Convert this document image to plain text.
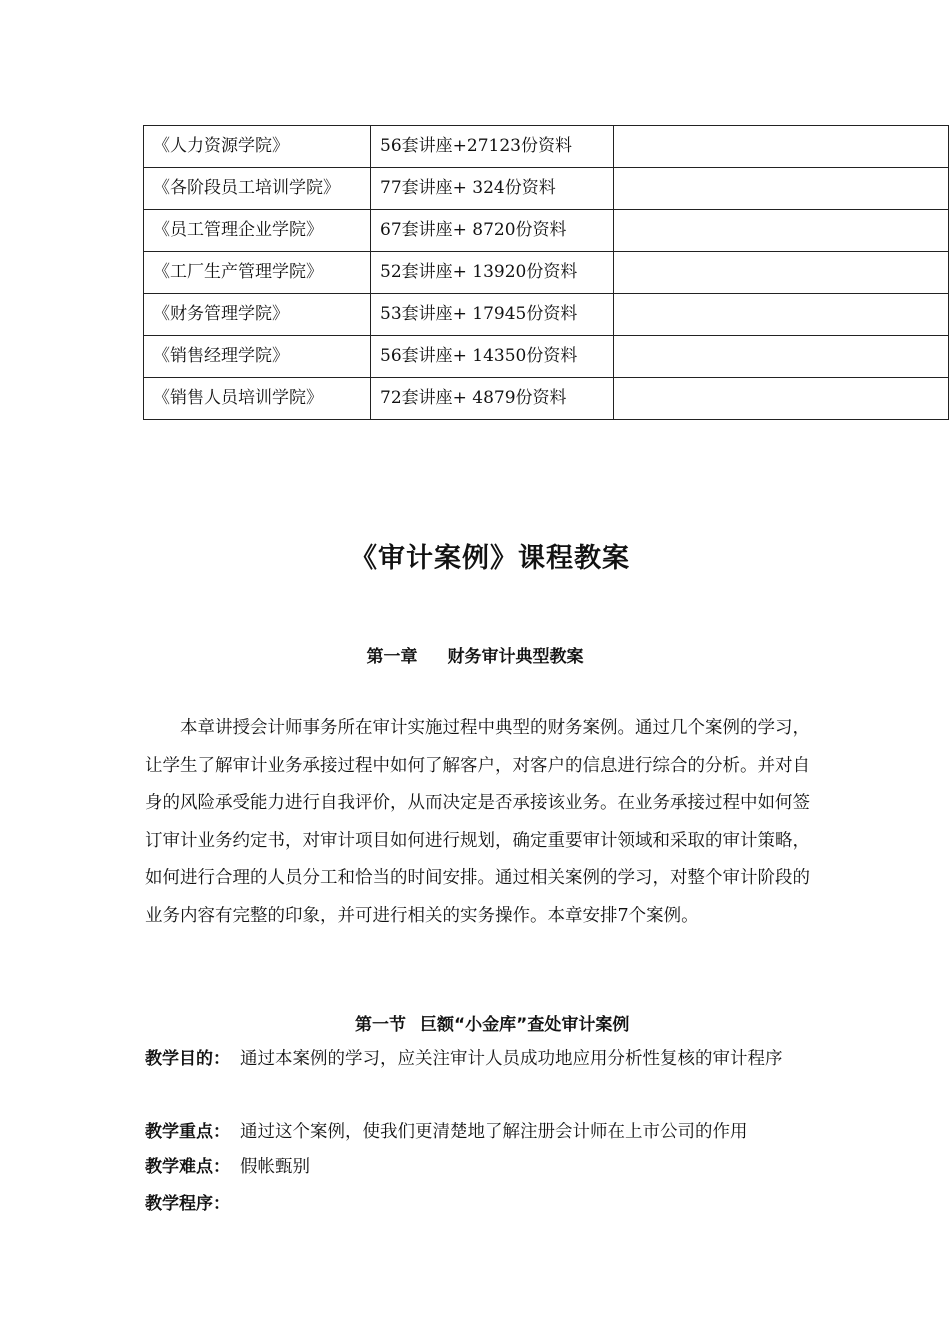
《人力资源学院》	56套讲座+27123份资料	
《各阶段员工培训学院》	77套讲座+ 324份资料	
《员工管理企业学院》	67套讲座+ 8720份资料	
《工厂生产管理学院》	52套讲座+ 13920份资料	
《财务管理学院》	53套讲座+ 17945份资料	
《销售经理学院》	56套讲座+ 14350份资料	
《销售人员培训学院》	72套讲座+ 4879份资料	
《审计案例》课程教案
第一章 财务审计典型教案

本章讲授会计师事务所在审计实施过程中典型的财务案例。通过几个案例的学习，让学生了解审计业务承接过程中如何了解客户，对客户的信息进行综合的分析。并对自身的风险承受能力进行自我评价，从而决定是否承接该业务。在业务承接过程中如何签订审计业务约定书，对审计项目如何进行规划，确定重要审计领域和采取的审计策略，如何进行合理的人员分工和恰当的时间安排。通过相关案例的学习，对整个审计阶段的业务内容有完整的印象，并可进行相关的实务操作。本章安排7个案例。

第一节 巨额“小金库”查处审计案例
教学目的： 通过本案例的学习，应关注审计人员成功地应用分析性复核的审计程序
教学重点： 通过这个案例，使我们更清楚地了解注册会计师在上市公司的作用
教学难点： 假帐甄别
教学程序：
